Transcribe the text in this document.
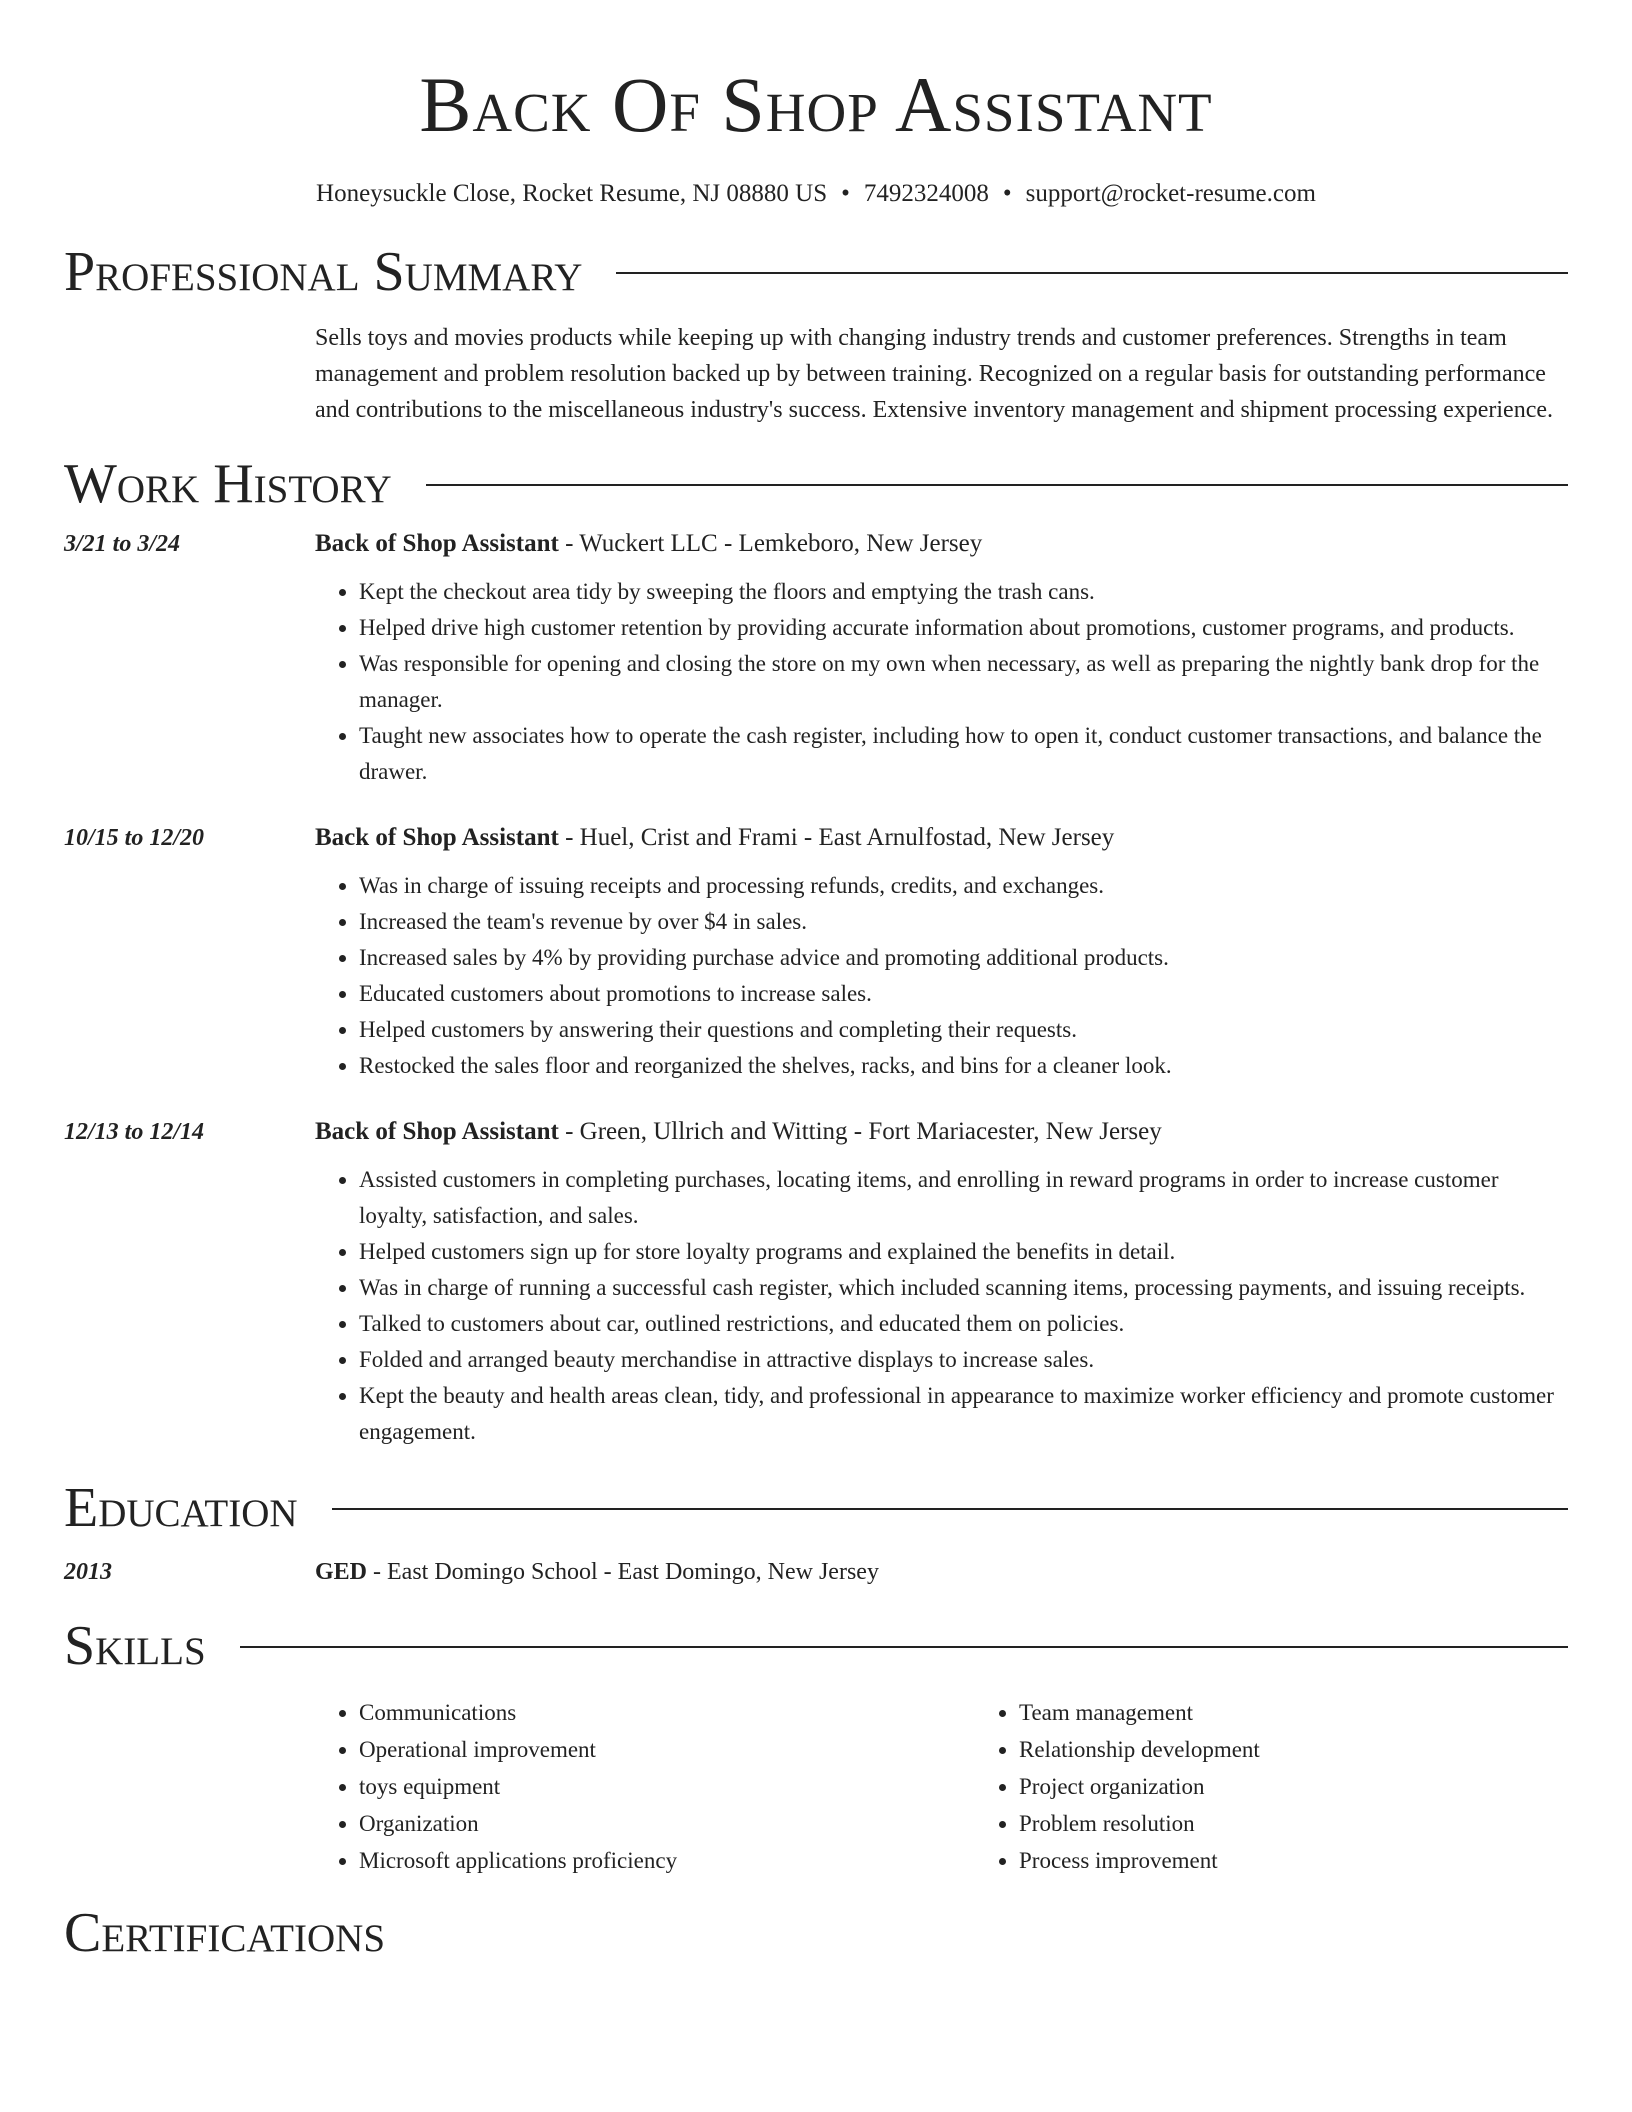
Back Of Shop Assistant
Honeysuckle Close, Rocket Resume, NJ 08880 US • 7492324008 • support@rocket-resume.com
Professional Summary
Sells toys and movies products while keeping up with changing industry trends and customer preferences. Strengths in team management and problem resolution backed up by between training. Recognized on a regular basis for outstanding performance and contributions to the miscellaneous industry's success. Extensive inventory management and shipment processing experience.
Work History
3/21 to 3/24	Back of Shop Assistant - Wuckert LLC - Lemkeboro, New Jersey
• Kept the checkout area tidy by sweeping the floors and emptying the trash cans.
• Helped drive high customer retention by providing accurate information about promotions, customer programs, and products.
• Was responsible for opening and closing the store on my own when necessary, as well as preparing the nightly bank drop for the manager.
• Taught new associates how to operate the cash register, including how to open it, conduct customer transactions, and balance the drawer.
10/15 to 12/20	Back of Shop Assistant - Huel, Crist and Frami - East Arnulfostad, New Jersey
• Was in charge of issuing receipts and processing refunds, credits, and exchanges.
• Increased the team's revenue by over $4 in sales.
• Increased sales by 4% by providing purchase advice and promoting additional products.
• Educated customers about promotions to increase sales.
• Helped customers by answering their questions and completing their requests.
• Restocked the sales floor and reorganized the shelves, racks, and bins for a cleaner look.
12/13 to 12/14	Back of Shop Assistant - Green, Ullrich and Witting - Fort Mariacester, New Jersey
• Assisted customers in completing purchases, locating items, and enrolling in reward programs in order to increase customer loyalty, satisfaction, and sales.
• Helped customers sign up for store loyalty programs and explained the benefits in detail.
• Was in charge of running a successful cash register, which included scanning items, processing payments, and issuing receipts.
• Talked to customers about car, outlined restrictions, and educated them on policies.
• Folded and arranged beauty merchandise in attractive displays to increase sales.
• Kept the beauty and health areas clean, tidy, and professional in appearance to maximize worker efficiency and promote customer engagement.
Education
2013	GED - East Domingo School - East Domingo, New Jersey
Skills
• Communications
• Operational improvement
• toys equipment
• Organization
• Microsoft applications proficiency
• Team management
• Relationship development
• Project organization
• Problem resolution
• Process improvement
Certifications
